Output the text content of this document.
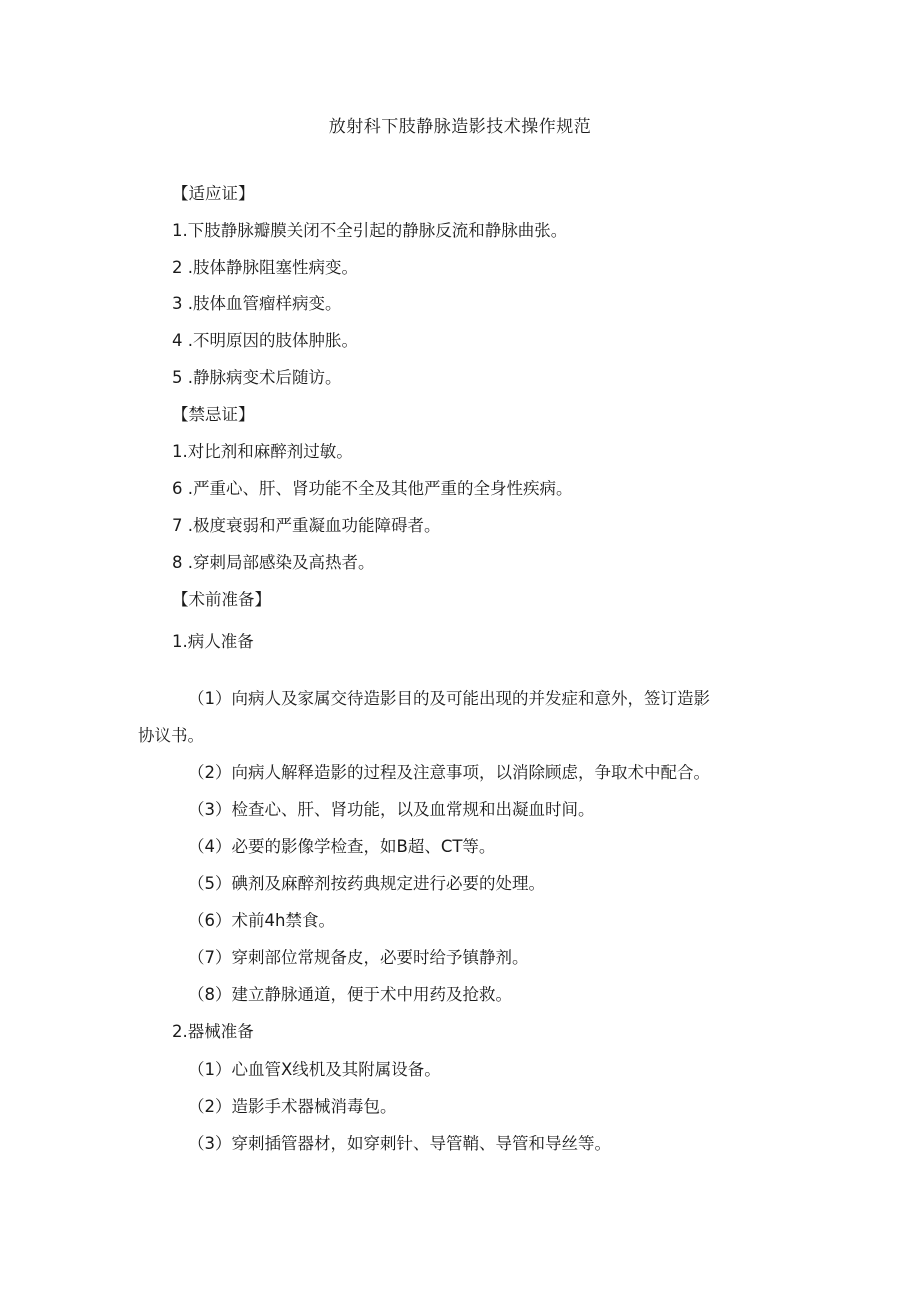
放射科下肢静脉造影技术操作规范
【适应证】
1.下肢静脉瓣膜关闭不全引起的静脉反流和静脉曲张。
2 .肢体静脉阻塞性病变。
3 .肢体血管瘤样病变。
4 .不明原因的肢体肿胀。
5 .静脉病变术后随访。
【禁忌证】
1.对比剂和麻醉剂过敏。
6 .严重心、肝、肾功能不全及其他严重的全身性疾病。
7 .极度衰弱和严重凝血功能障碍者。
8 .穿刺局部感染及高热者。
【术前准备】
1.病人准备
（1）向病人及家属交待造影目的及可能出现的并发症和意外，签订造影
协议书。
（2）向病人解释造影的过程及注意事项，以消除顾虑，争取术中配合。
（3）检查心、肝、肾功能，以及血常规和出凝血时间。
（4）必要的影像学检查，如B超、CT等。
（5）碘剂及麻醉剂按药典规定进行必要的处理。
（6）术前4h禁食。
（7）穿刺部位常规备皮，必要时给予镇静剂。
（8）建立静脉通道，便于术中用药及抢救。
2.器械准备
（1）心血管X线机及其附属设备。
（2）造影手术器械消毒包。
（3）穿刺插管器材，如穿刺针、导管鞘、导管和导丝等。
